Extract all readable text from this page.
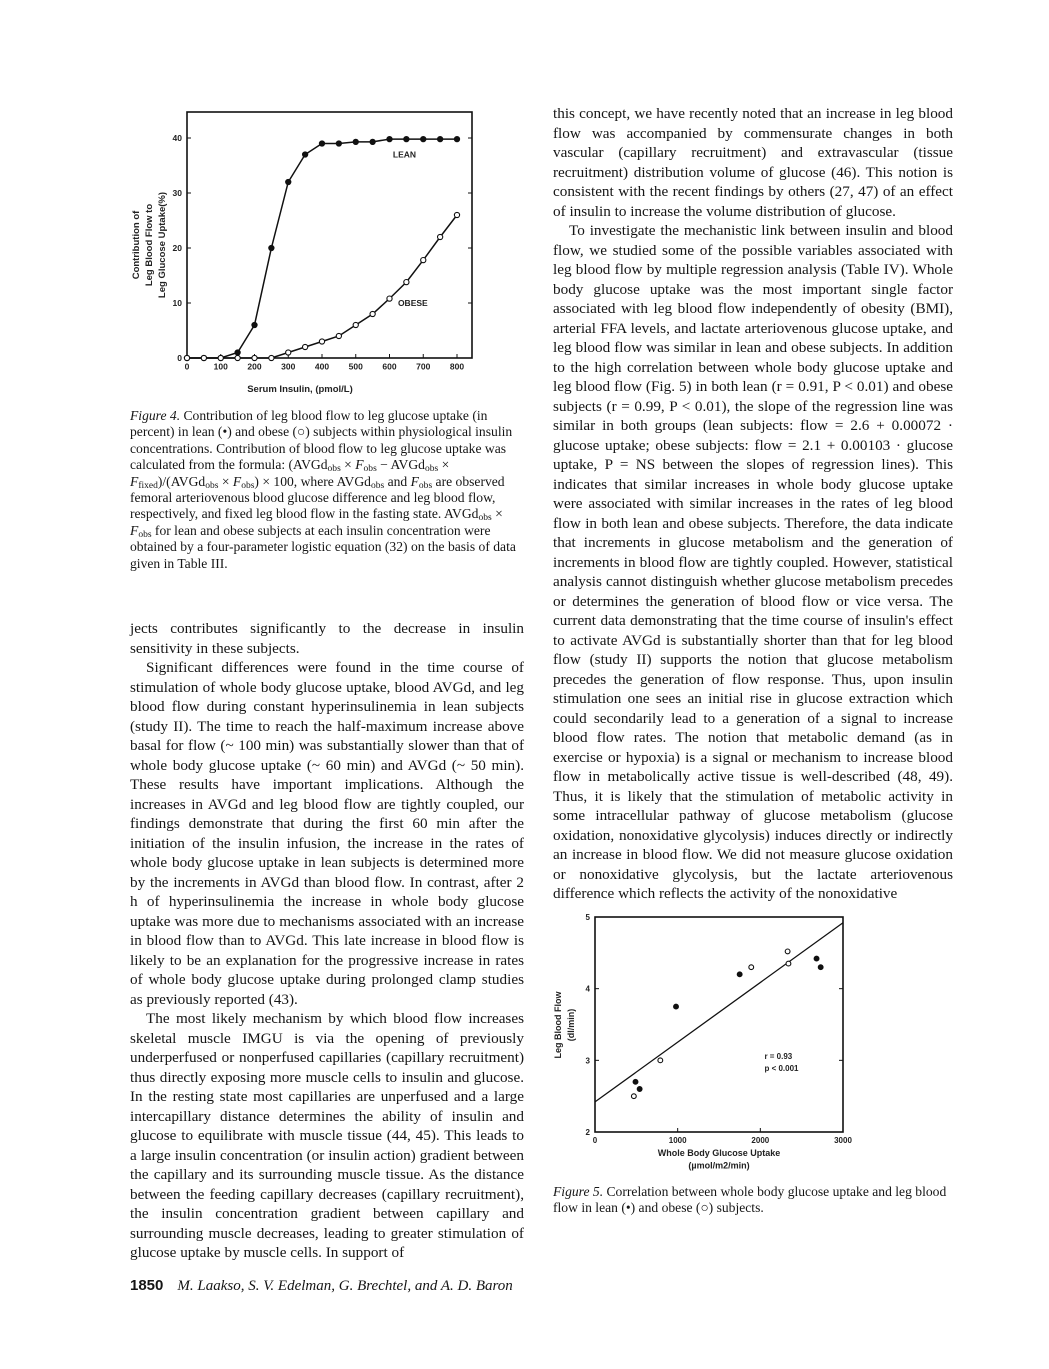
0	100 200 300 400 500 600 700 800
0
10
20
30
40
Serum Insulin, (pmol/L)
Contribution of Leg Blood Flow to Leg Glucose Uptake(%)
LEAN
OBESE
Figure 4. Contribution of leg blood flow to leg glucose uptake (in percent) in lean (•) and obese (○) subjects within physiological insulin concentrations. Contribution of blood flow to leg glucose uptake was calculated from the formula: (AVGd$_{obs}$ × $F_{obs}$ − AVGd$_{obs}$ × $F_{fixed})/(AVGd_{obs} \times F_{obs}) \times 100$, where AVGd$_{obs}$ and $F_{obs}$ are observed femoral arteriovenous blood glucose difference and leg blood flow, respectively, and fixed leg blood flow in the fasting state. AVGd$_{obs}$ × $F_{obs}$ for lean and obese subjects at each insulin concentration were obtained by a four-parameter logistic equation (32) on the basis of data given in Table III.

jects contributes significantly to the decrease in insulin sensitivity in these subjects.

Significant differences were found in the time course of stimulation of whole body glucose uptake, blood AVGd, and leg blood flow during constant hyperinsulinemia in lean subjects (study II). The time to reach the half-maximum increase above basal for flow (~ 100 min) was substantially slower than that of whole body glucose uptake (~ 60 min) and AVGd (~ 50 min). These results have important implications. Although the increases in AVGd and leg blood flow are tightly coupled, our findings demonstrate that during the first 60 min after the initiation of the insulin infusion, the increase in the rates of whole body glucose uptake in lean subjects is determined more by the increments in AVGd than blood flow. In contrast, after 2 h of hyperinsulinemia the increase in whole body glucose uptake was more due to mechanisms associated with an increase in blood flow than to AVGd. This late increase in blood flow is likely to be an explanation for the progressive increase in rates of whole body glucose uptake during prolonged clamp studies as previously reported (43).

The most likely mechanism by which blood flow increases skeletal muscle IMGU is via the opening of previously underperfused or nonperfused capillaries (capillary recruitment) thus directly exposing more muscle cells to insulin and glucose. In the resting state most capillaries are unperfused and a large intercapillary distance determines the ability of insulin and glucose to equilibrate with muscle tissue (44, 45). This leads to a large insulin concentration (or insulin action) gradient between the capillary and its surrounding muscle tissue. As the distance between the feeding capillary decreases (capillary recruitment), the insulin concentration gradient between capillary and surrounding muscle decreases, leading to greater stimulation of glucose uptake by muscle cells. In support of

this concept, we have recently noted that an increase in leg blood flow was accompanied by commensurate changes in both vascular (capillary recruitment) and extravascular (tissue recruitment) distribution volume of glucose (46). This notion is consistent with the recent findings by others (27, 47) of an effect of insulin to increase the volume distribution of glucose.

To investigate the mechanistic link between insulin and blood flow, we studied some of the possible variables associated with leg blood flow by multiple regression analysis (Table IV). Whole body glucose uptake was the most important single factor associated with leg blood flow independently of obesity (BMI), arterial FFA levels, and lactate arteriovenous glucose uptake, and leg blood flow was similar in lean and obese subjects. In addition to the high correlation between whole body glucose uptake and leg blood flow (Fig. 5) in both lean (r = 0.91, P < 0.01) and obese subjects (r = 0.99, P < 0.01), the slope of the regression line was similar in both groups (lean subjects: flow = 2.6 + 0.00072 · glucose uptake; obese subjects: flow = 2.1 + 0.00103 · glucose uptake, P = NS between the slopes of regression lines). This indicates that similar increases in whole body glucose uptake were associated with similar increases in the rates of leg blood flow in both lean and obese subjects. Therefore, the data indicate that increments in glucose metabolism and the generation of increments in blood flow are tightly coupled. However, statistical analysis cannot distinguish whether glucose metabolism precedes or determines the generation of blood flow or vice versa. The current data demonstrating that the time course of insulin's effect to activate AVGd is substantially shorter than that for leg blood flow (study II) supports the notion that glucose metabolism precedes the generation of flow response. Thus, upon insulin stimulation one sees an initial rise in glucose extraction which could secondarily lead to a generation of a signal to increase blood flow rates. The notion that metabolic demand (as in exercise or hypoxia) is a signal or mechanism to increase blood flow in metabolically active tissue is well-described (48, 49). Thus, it is likely that the stimulation of metabolic activity in some intracellular pathway of glucose metabolism (glucose oxidation, nonoxidative glycolysis) induces directly or indirectly an increase in blood flow. We did not measure glucose oxidation or nonoxidative glycolysis, but the lactate arteriovenous difference which reflects the activity of the nonoxidative

0	1000	2000	3000
2
3
4
5
Whole Body Glucose Uptake
(µmol/m2/min)
Leg Blood Flow (dl/min)
r = 0.93
p < 0.001
Figure 5. Correlation between whole body glucose uptake and leg blood flow in lean (•) and obese (○) subjects.
1850 M. Laakso, S. V. Edelman, G. Brechtel, and A. D. Baron
